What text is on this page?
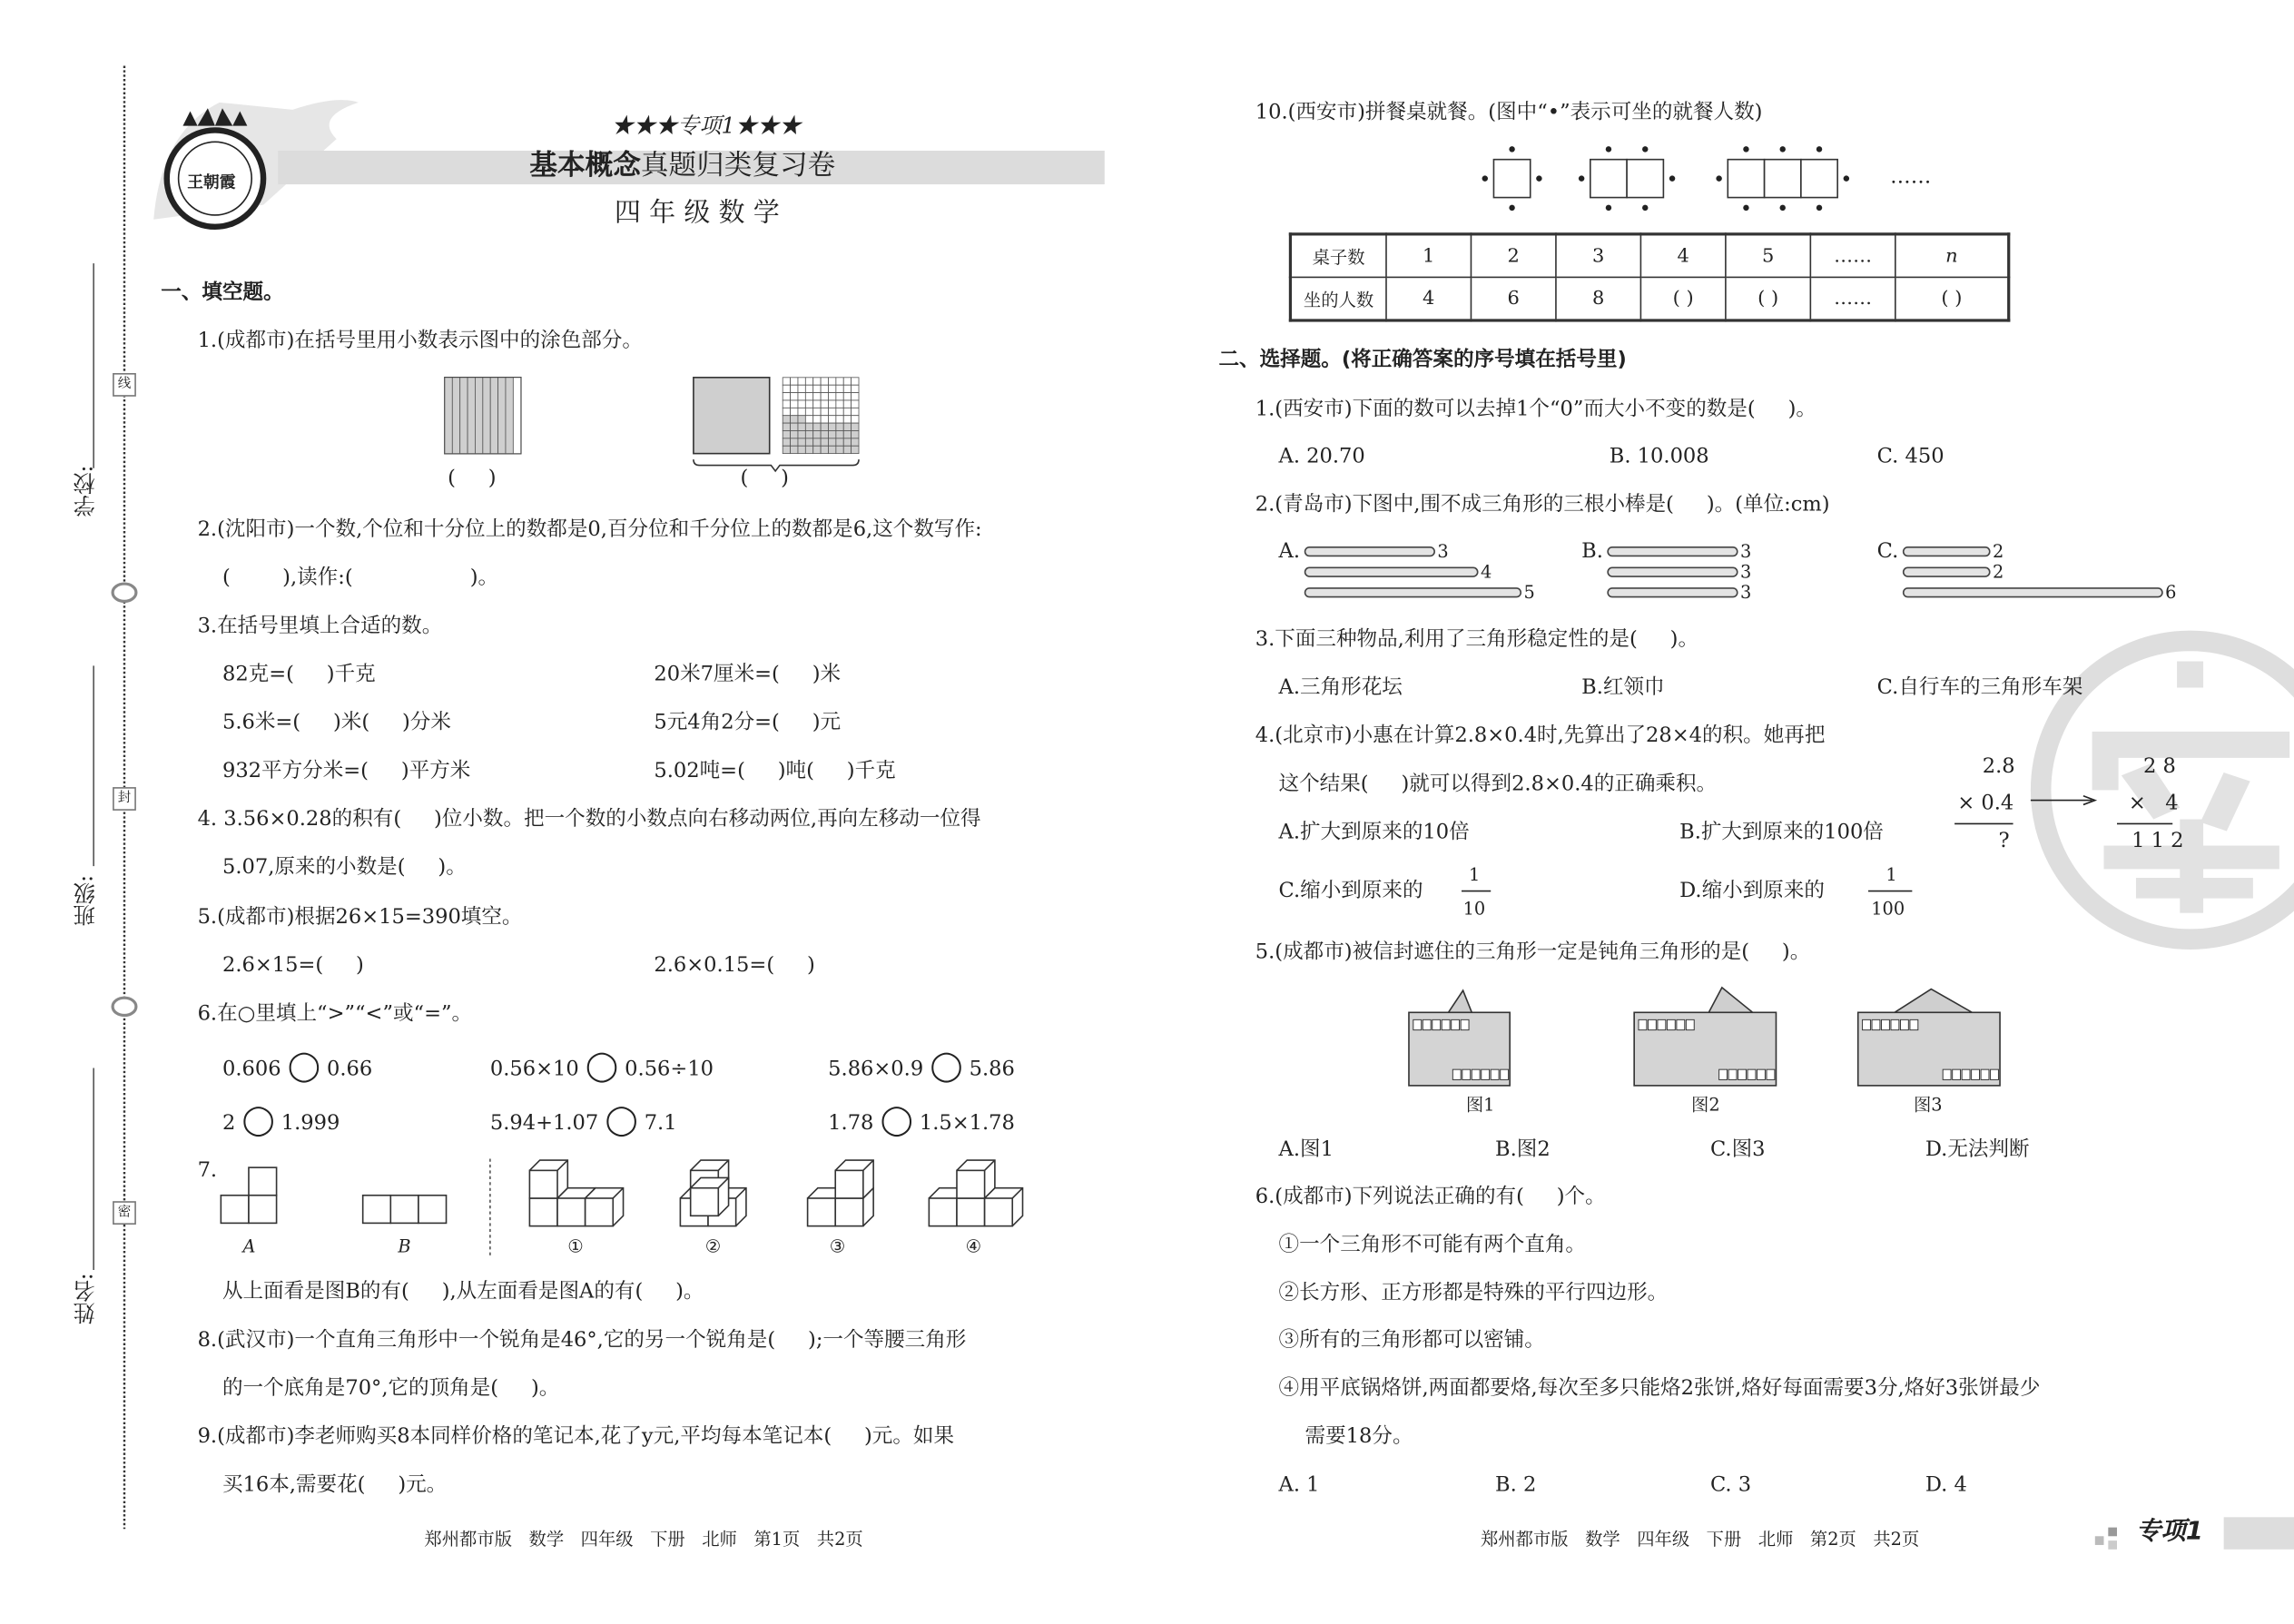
学校:
班级:
姓名:
线
封
密
王朝霞
★★★专项1★★★
基本概念真题归类复习卷
四 年 级 数 学
一、填空题。
1.(成都市)在括号里用小数表示图中的涂色部分。
(     )	(     )
2.(沈阳市)一个数,个位和十分位上的数都是0,百分位和千分位上的数都是6,这个数写作:
(        ),读作:(                  )。
3.在括号里填上合适的数。
82克=(     )千克	20米7厘米=(     )米
5.6米=(     )米(     )分米	5元4角2分=(     )元
932平方分米=(     )平方米	5.02吨=(     )吨(     )千克
4. 3.56×0.28的积有(     )位小数。把一个数的小数点向右移动两位,再向左移动一位得
5.07,原来的小数是(     )。
5.(成都市)根据26×15=390填空。
2.6×15=(     )	2.6×0.15=(     )
6.在○里填上“>”“<”或“=”。
0.606 ◯ 0.66	0.56×10 ◯ 0.56÷10	5.86×0.9 ◯ 5.86
2 ◯ 1.999	5.94+1.07 ◯ 7.1	1.78 ◯ 1.5×1.78
7.
A	B	①	②	③	④
从上面看是图B的有(     ),从左面看是图A的有(     )。
8.(武汉市)一个直角三角形中一个锐角是46°,它的另一个锐角是(     );一个等腰三角形
的一个底角是70°,它的顶角是(     )。
9.(成都市)李老师购买8本同样价格的笔记本,花了y元,平均每本笔记本(     )元。如果
买16本,需要花(     )元。
郑州都市版   数学   四年级   下册   北师   第1页   共2页
10.(西安市)拼餐桌就餐。(图中“•”表示可坐的就餐人数)
……
桌子数	1	2	3	4	5	……	n
坐的人数	4	6	8	( )	( )	……	( )
二、选择题。(将正确答案的序号填在括号里)
1.(西安市)下面的数可以去掉1个“0”而大小不变的数是(     )。
A. 20.70	B. 10.008	C. 450
2.(青岛市)下图中,围不成三角形的三根小棒是(     )。(单位:cm)
A.	B.	C.
3
4
5
3
3
3
2
2
6
3.下面三种物品,利用了三角形稳定性的是(     )。
A.三角形花坛	B.红领巾	C.自行车的三角形车架
4.(北京市)小惠在计算2.8×0.4时,先算出了28×4的积。她再把
这个结果(     )就可以得到2.8×0.4的正确乘积。
A.扩大到原来的10倍	B.扩大到原来的100倍
C.缩小到原来的	D.缩小到原来的
1
10
1
100
2.8
× 0.4
?
2 8
×   4
1 1 2
5.(成都市)被信封遮住的三角形一定是钝角三角形的是(     )。
图1	图2	图3
A.图1	B.图2	C.图3	D.无法判断
6.(成都市)下列说法正确的有(     )个。
①一个三角形不可能有两个直角。
②长方形、正方形都是特殊的平行四边形。
③所有的三角形都可以密铺。
④用平底锅烙饼,两面都要烙,每次至多只能烙2张饼,烙好每面需要3分,烙好3张饼最少
需要18分。
A. 1	B. 2	C. 3	D. 4
郑州都市版   数学   四年级   下册   北师   第2页   共2页	专项1
